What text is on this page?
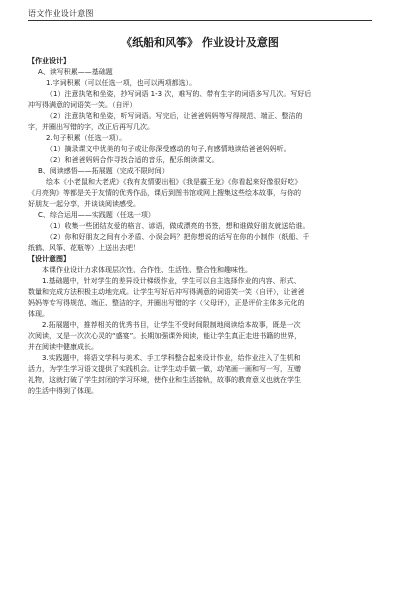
语文作业设计意图
《纸船和风筝》 作业设计及意图

【作业设计】

A、读写积累——基础题

1.字词积累（可以任选一项，也可以两项都选）。

（1）注意执笔和坐姿，抄写词语 1-3 次，难写的、带有生字的词语多写几次。写好后

冲写得满意的词语笑一笑。（自评）

（2）注意执笔和坐姿，听写词语。写完后，让爸爸妈妈等写得规范、端正、整洁的

字，并圈出写错的字，改正后再写几次。

2.句子积累（任选一项）。

（1）摘录课文中优美的句子或让你深受感动的句子,有感情地读给爸爸妈妈听。

（2）和爸爸妈妈合作寻找合适的音乐，配乐朗读课文。

B、阅读感悟——拓展题（完成不限时间）

绘本《小老鼠和大老虎》《我有友情要出租》《我是霸王龙》《你看起来好像很好吃》

《月亮狗》等都是关于友情的优秀作品，课后到图书馆或网上搜集这些绘本故事，与你的

好朋友一起分享，并谈谈阅读感受。

C、综合运用——实践题（任选一项）

（1）收集一些团结友爱的格言、谚语，做成漂亮的书签，想和谁做好朋友就送给谁。

（2）你和好朋友之间有小矛盾、小误会吗？把你想说的话写在你的小制作（纸船、千

纸鹤、风筝、花瓶等）上送出去吧！

【设计意图】

本课作业设计力求体现层次性、合作性、生活性、整合性和趣味性。

1.基础题中，针对学生的差异设计梯级作业，学生可以自主选择作业的内容、形式、

数量和完成方法积极主动地完成。让学生写好后冲写得满意的词语笑一笑（自评），让爸爸

妈妈等专写得规范、端正、整洁的字，并圈出写错的字（父母评），正是评价主体多元化的

体现。

2.拓展题中，推荐相关的优秀书目，让学生不受时间限制地阅读绘本故事，既是一次

次阅读，又是一次次心灵的“盛宴”。长期加强课外阅读，能让学生真正走进书籍的世界，

并在阅读中健康成长。

3.实践题中，将语文学科与美术、手工学科整合起来设计作业，给作业注入了生机和

活力，为学生学习语文提供了实践机会。让学生动手做一做，动笔画一画和写一写，互赠

礼物，这就打破了学生封闭的学习环境，使作业和生活接轨，故事的教育意义也就在学生

的生活中得到了体现。
